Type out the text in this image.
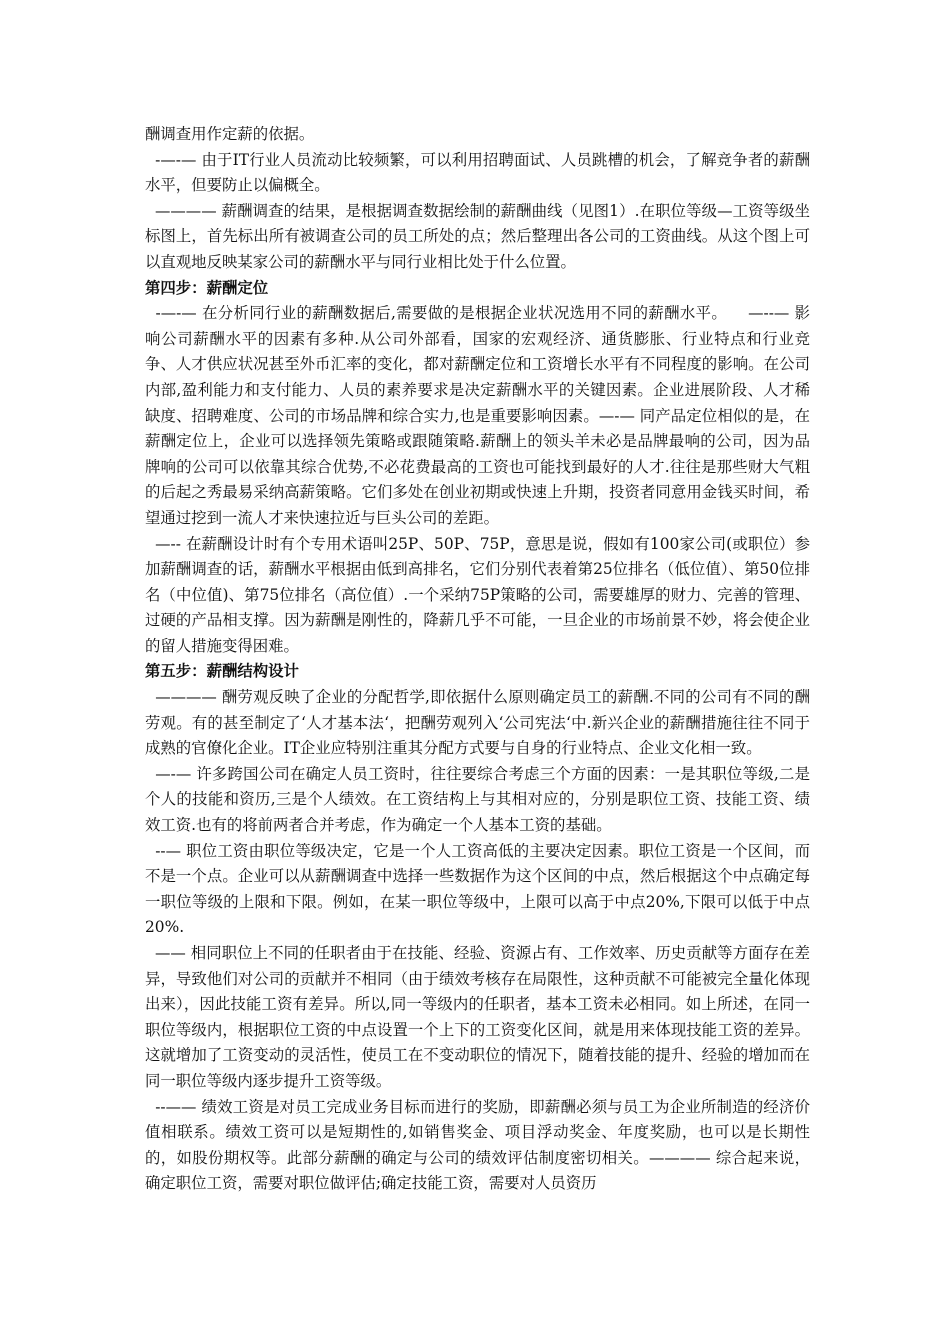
酬调查用作定薪的依据。

-—-— 由于IT行业人员流动比较频繁，可以利用招聘面试、人员跳槽的机会，了解竞争者的薪酬水平，但要防止以偏概全。

———— 薪酬调查的结果，是根据调查数据绘制的薪酬曲线（见图1）.在职位等级—工资等级坐标图上，首先标出所有被调查公司的员工所处的点；然后整理出各公司的工资曲线。从这个图上可以直观地反映某家公司的薪酬水平与同行业相比处于什么位置。

第四步：薪酬定位

-—-— 在分析同行业的薪酬数据后,需要做的是根据企业状况选用不同的薪酬水平。    —--— 影响公司薪酬水平的因素有多种.从公司外部看，国家的宏观经济、通货膨胀、行业特点和行业竞争、人才供应状况甚至外币汇率的变化，都对薪酬定位和工资增长水平有不同程度的影响。在公司内部,盈利能力和支付能力、人员的素养要求是决定薪酬水平的关键因素。企业进展阶段、人才稀缺度、招聘难度、公司的市场品牌和综合实力,也是重要影响因素。—-— 同产品定位相似的是，在薪酬定位上，企业可以选择领先策略或跟随策略.薪酬上的领头羊未必是品牌最响的公司，因为品牌响的公司可以依靠其综合优势,不必花费最高的工资也可能找到最好的人才.往往是那些财大气粗的后起之秀最易采纳高薪策略。它们多处在创业初期或快速上升期，投资者同意用金钱买时间，希望通过挖到一流人才来快速拉近与巨头公司的差距。

—-- 在薪酬设计时有个专用术语叫25P、50P、75P，意思是说，假如有100家公司(或职位）参加薪酬调查的话，薪酬水平根据由低到高排名，它们分别代表着第25位排名（低位值）、第50位排名（中位值)、第75位排名（高位值）.一个采纳75P策略的公司，需要雄厚的财力、完善的管理、过硬的产品相支撑。因为薪酬是刚性的，降薪几乎不可能，一旦企业的市场前景不妙，将会使企业的留人措施变得困难。

第五步：薪酬结构设计

———— 酬劳观反映了企业的分配哲学,即依据什么原则确定员工的薪酬.不同的公司有不同的酬劳观。有的甚至制定了‘人才基本法‘，把酬劳观列入‘公司宪法‘中.新兴企业的薪酬措施往往不同于成熟的官僚化企业。IT企业应特别注重其分配方式要与自身的行业特点、企业文化相一致。

—-— 许多跨国公司在确定人员工资时，往往要综合考虑三个方面的因素：一是其职位等级,二是个人的技能和资历,三是个人绩效。在工资结构上与其相对应的，分别是职位工资、技能工资、绩效工资.也有的将前两者合并考虑，作为确定一个人基本工资的基础。

--— 职位工资由职位等级决定，它是一个人工资高低的主要决定因素。职位工资是一个区间，而不是一个点。企业可以从薪酬调查中选择一些数据作为这个区间的中点，然后根据这个中点确定每一职位等级的上限和下限。例如，在某一职位等级中，上限可以高于中点20%,下限可以低于中点20%.

—— 相同职位上不同的任职者由于在技能、经验、资源占有、工作效率、历史贡献等方面存在差异，导致他们对公司的贡献并不相同（由于绩效考核存在局限性，这种贡献不可能被完全量化体现出来），因此技能工资有差异。所以,同一等级内的任职者，基本工资未必相同。如上所述，在同一职位等级内，根据职位工资的中点设置一个上下的工资变化区间，就是用来体现技能工资的差异。这就增加了工资变动的灵活性，使员工在不变动职位的情况下，随着技能的提升、经验的增加而在同一职位等级内逐步提升工资等级。

--—— 绩效工资是对员工完成业务目标而进行的奖励，即薪酬必须与员工为企业所制造的经济价值相联系。绩效工资可以是短期性的,如销售奖金、项目浮动奖金、年度奖励，也可以是长期性的，如股份期权等。此部分薪酬的确定与公司的绩效评估制度密切相关。———— 综合起来说，确定职位工资，需要对职位做评估;确定技能工资，需要对人员资历
